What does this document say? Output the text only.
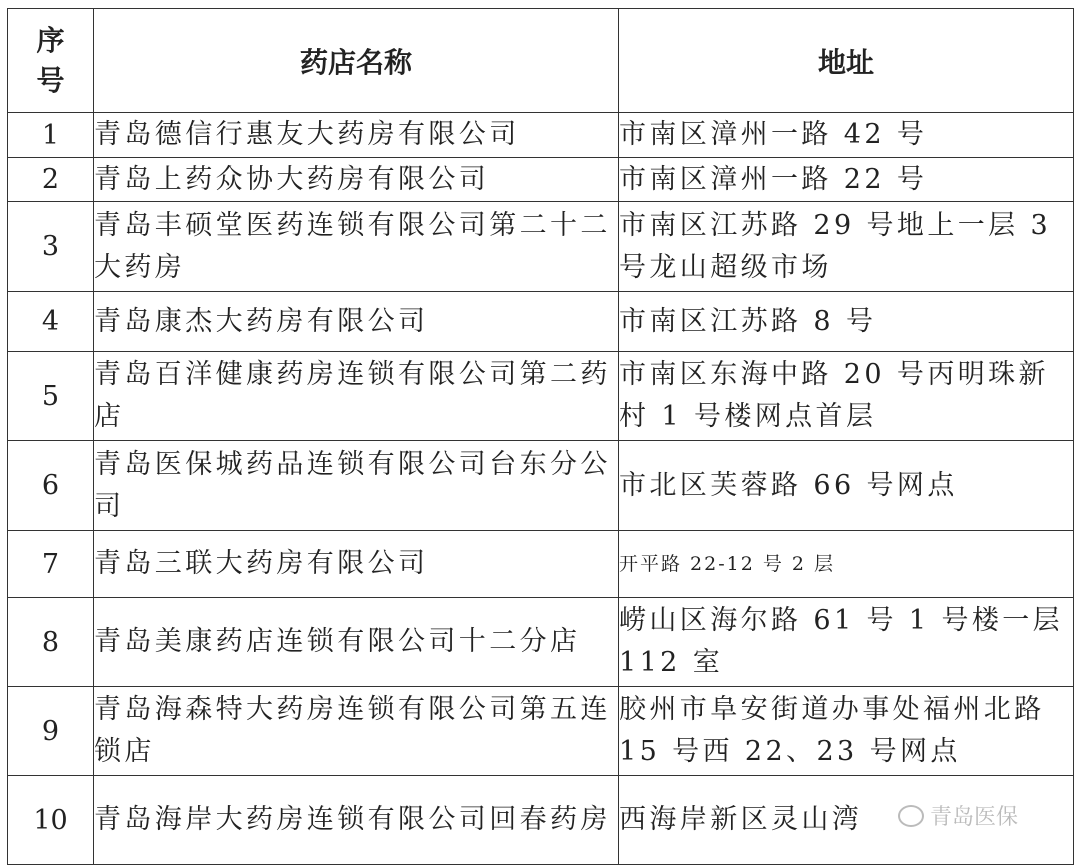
序
号	药店名称	地址
1	青岛德信行惠友大药房有限公司	市南区漳州一路 42 号
2	青岛上药众协大药房有限公司	市南区漳州一路 22 号
3	青岛丰硕堂医药连锁有限公司第二十二大药房	市南区江苏路 29 号地上一层 3 号龙山超级市场
4	青岛康杰大药房有限公司	市南区江苏路 8 号
5	青岛百洋健康药房连锁有限公司第二药店	市南区东海中路 20 号丙明珠新村 1 号楼网点首层
6	青岛医保城药品连锁有限公司台东分公司	市北区芙蓉路 66 号网点
7	青岛三联大药房有限公司	开平路 22-12 号 2 层
8	青岛美康药店连锁有限公司十二分店	崂山区海尔路 61 号 1 号楼一层 112 室
9	青岛海森特大药房连锁有限公司第五连锁店	胶州市阜安街道办事处福州北路 15 号西 22、23 号网点
10	青岛海岸大药房连锁有限公司回春药房	西海岸新区灵山湾	青岛医保
